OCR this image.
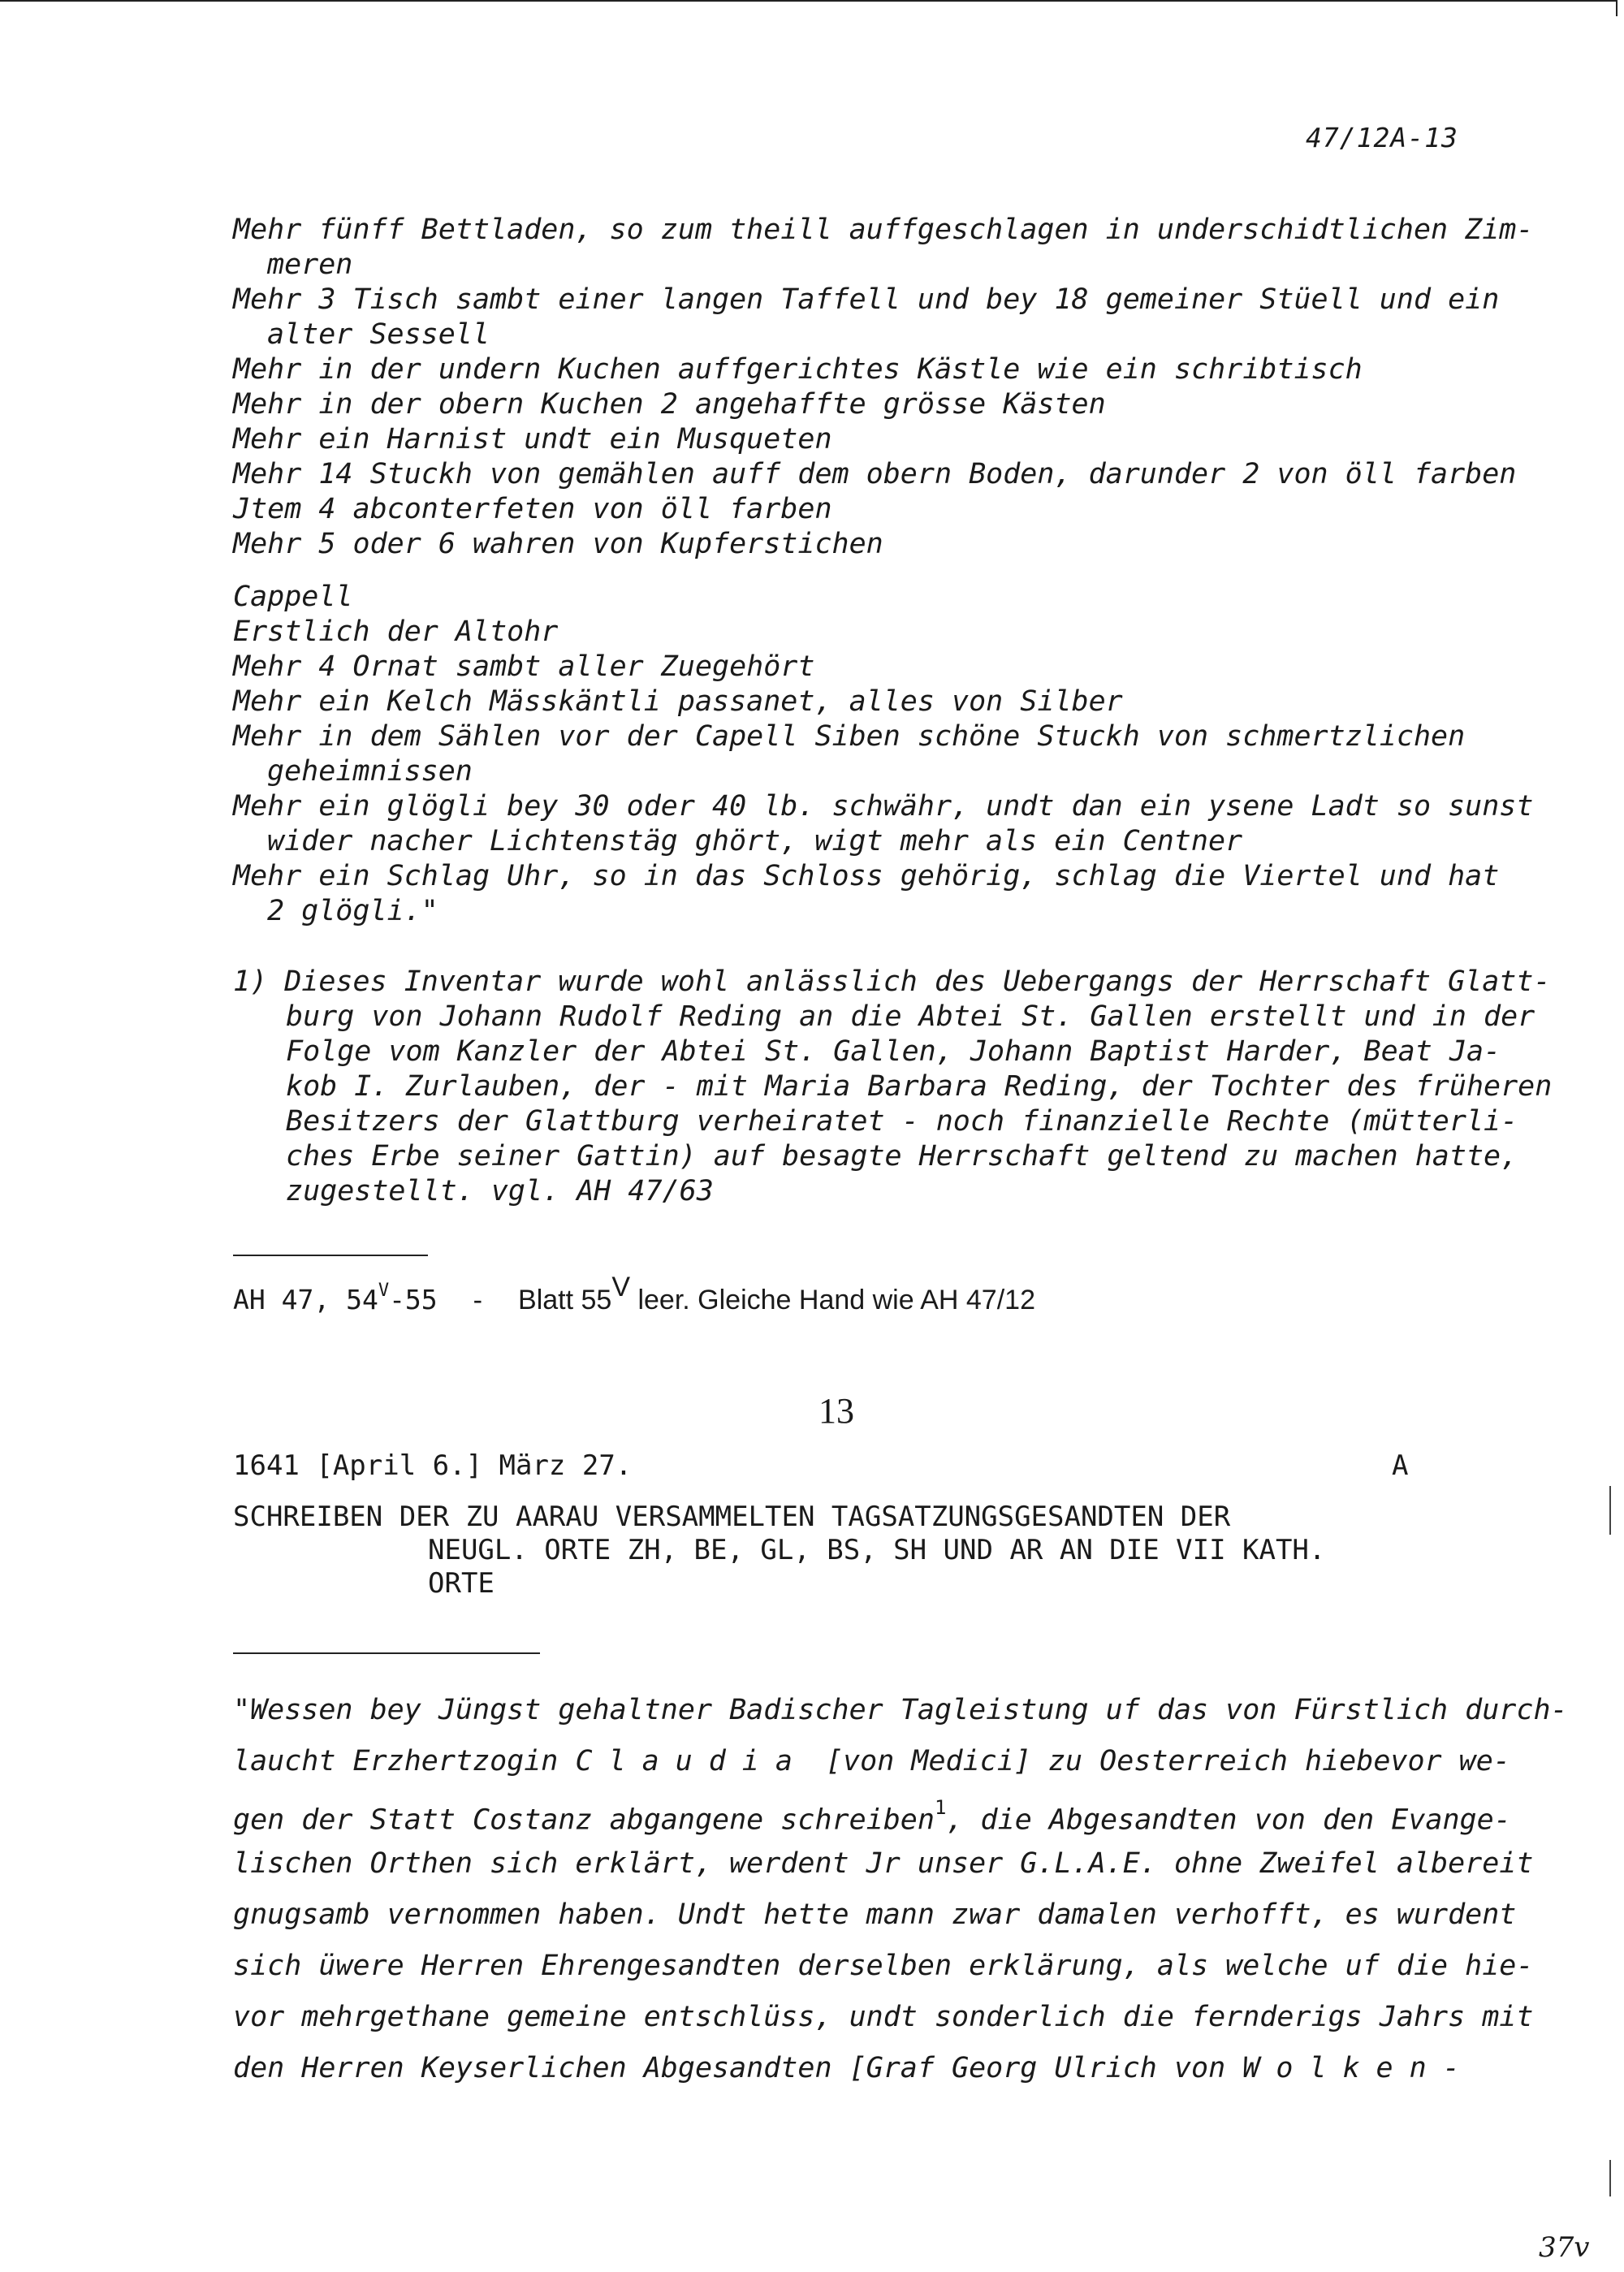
47/12A-13
Mehr fünff Bettladen, so zum theill auffgeschlagen in underschidtlichen Zim-
meren
Mehr 3 Tisch sambt einer langen Taffell und bey 18 gemeiner Stüell und ein
alter Sessell
Mehr in der undern Kuchen auffgerichtes Kästle wie ein schribtisch
Mehr in der obern Kuchen 2 angehaffte grösse Kästen
Mehr ein Harnist undt ein Musqueten
Mehr 14 Stuckh von gemählen auff dem obern Boden, darunder 2 von öll farben
Jtem 4 abconterfeten von öll farben
Mehr 5 oder 6 wahren von Kupferstichen
Cappell
Erstlich der Altohr
Mehr 4 Ornat sambt aller Zuegehört
Mehr ein Kelch Mässkäntli passanet, alles von Silber
Mehr in dem Sählen vor der Capell Siben schöne Stuckh von schmertzlichen
geheimnissen
Mehr ein glögli bey 30 oder 40 lb. schwähr, undt dan ein ysene Ladt so sunst
wider nacher Lichtenstäg ghört, wigt mehr als ein Centner
Mehr ein Schlag Uhr, so in das Schloss gehörig, schlag die Viertel und hat
2 glögli."
1) Dieses Inventar wurde wohl anlässlich des Uebergangs der Herrschaft Glatt-
burg von Johann Rudolf Reding an die Abtei St. Gallen erstellt und in der
Folge vom Kanzler der Abtei St. Gallen, Johann Baptist Harder, Beat Ja-
kob I. Zurlauben, der - mit Maria Barbara Reding, der Tochter des früheren
Besitzers der Glattburg verheiratet - noch finanzielle Rechte (mütterli-
ches Erbe seiner Gattin) auf besagte Herrschaft geltend zu machen hatte,
zugestellt. vgl. AH 47/63
AH 47, $54^V-55$  -  Blatt $55^V$ leer. Gleiche Hand wie AH 47/12
13
1641 [April 6.] März 27.	A
SCHREIBEN DER ZU AARAU VERSAMMELTEN TAGSATZUNGSGESANDTEN DER
NEUGL. ORTE ZH, BE, GL, BS, SH UND AR AN DIE VII KATH.
ORTE
"Wessen bey Jüngst gehaltner Badischer Tagleistung uf das von Fürstlich durch-
laucht Erzhertzogin Claudia [von Medici] zu Oesterreich hiebevor we-
gen der Statt Costanz abgangene schreiben$^1$, die Abgesandten von den Evange-
lischen Orthen sich erklärt, werdent Jr unser G.L.A.E. ohne Zweifel albereit
gnugsamb vernommen haben. Undt hette mann zwar damalen verhofft, es wurdent
sich üwere Herren Ehrengesandten derselben erklärung, als welche uf die hie-
vor mehrgethane gemeine entschlüss, undt sonderlich die fernderigs Jahrs mit
den Herren Keyserlichen Abgesandten [Graf Georg Ulrich von Wolken-
37v
